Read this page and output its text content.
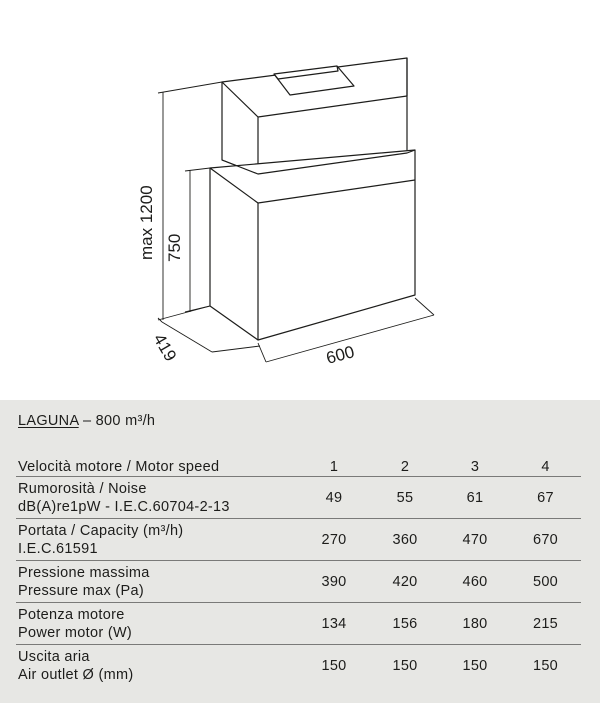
max 1200 750
419	600
LAGUNA – 800 m³/h
Velocità motore / Motor speed	1	2	3	4

Rumorosità / Noise
dB(A)re1pW - I.E.C.60704-2-13	49	55	61	67

Portata / Capacity (m³/h)
I.E.C.61591	270	360	470	670

Pressione massima
Pressure max (Pa)	390	420	460	500

Potenza motore
Power motor (W)	134	156	180	215

Uscita aria
Air outlet Ø (mm)	150	150	150	150
